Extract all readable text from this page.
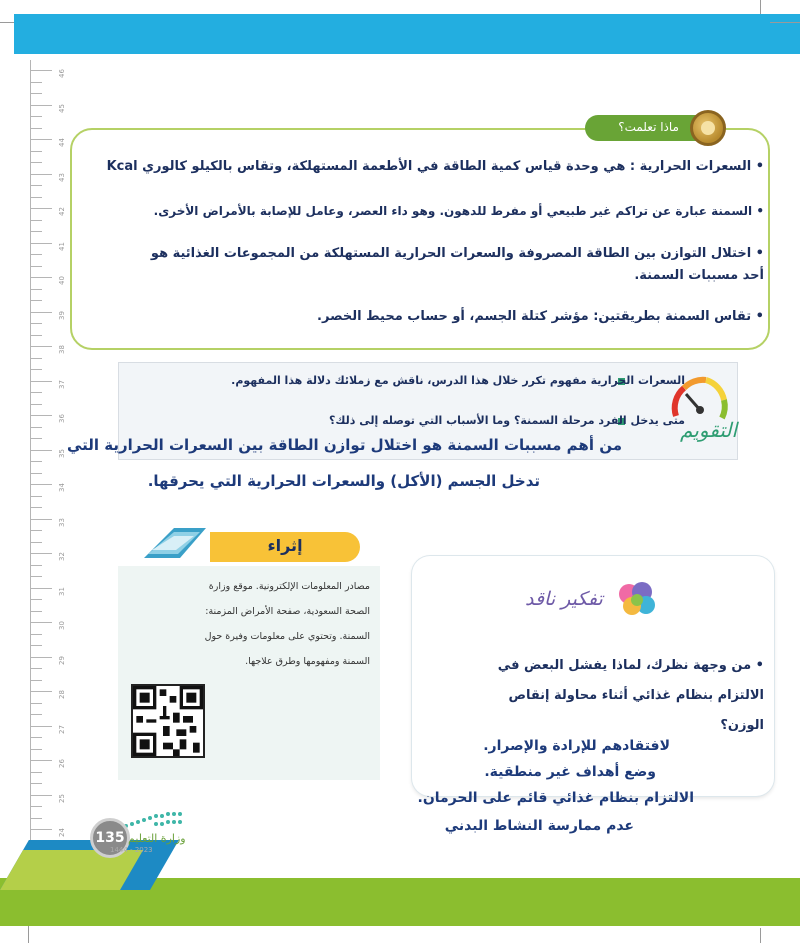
46
45
44
43
42
41
40
39
38
37
36
35
34
33
32
31
30
29
28
27
26
25
24
ماذا تعلمت؟
• السعرات الحرارية : هي وحدة قياس كمية الطاقة في الأطعمة المستهلكة، وتقاس بالكيلو كالوري Kcal
• السمنة عبارة عن تراكم غير طبيعي أو مفرط للدهون. وهو داء العصر، وعامل للإصابة بالأمراض الأخرى.
• اختلال التوازن بين الطاقة المصروفة والسعرات الحرارية المستهلكة من المجموعات الغذائية هو
أحد مسببات السمنة.
• تقاس السمنة بطريقتين: مؤشر كتلة الجسم، أو حساب محيط الخصر.
التقويم
السعرات الحرارية مفهوم تكرر خلال هذا الدرس، ناقش مع زملائك دلالة هذا المفهوم.
متى يدخل الفرد مرحلة السمنة؟ وما الأسباب التي توصله إلى ذلك؟
من أهم مسببات السمنة هو اختلال توازن الطاقة بين السعرات الحرارية التي
تدخل الجسم (الأكل) والسعرات الحرارية التي يحرقها.
إثراء
مصادر المعلومات الإلكترونية. موقع وزارة
الصحة السعودية، صفحة الأمراض المزمنة:
السمنة. وتحتوي على معلومات وفيرة حول
السمنة ومفهومها وطرق علاجها.
تفكير ناقد
• من وجهة نظرك، لماذا يفشل البعض في
الالتزام بنظام غذائي أثناء محاولة إنقاص
الوزن؟
لافتقادهم للإرادة والإصرار.
وضع أهداف غير منطقية.
الالتزام بنظام غذائي قائم على الحرمان.
عدم ممارسة النشاط البدني
135 وزارة التعليم
2023 - 1444
